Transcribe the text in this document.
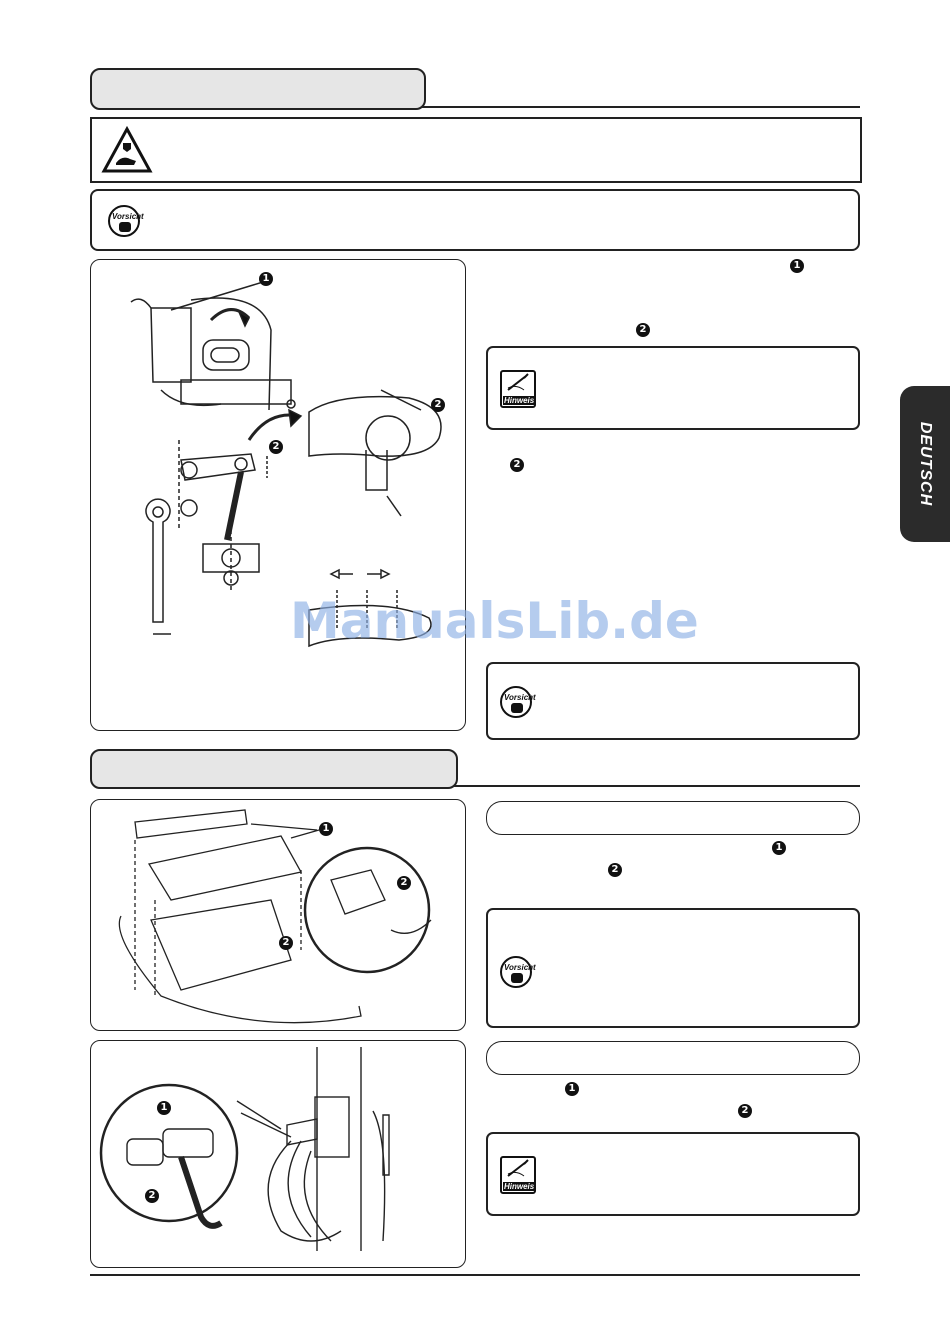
Vorsicht
1
2
2
1
2
Hinweis
2
Vorsicht
DEUTSCH
ManualsLib.de
1
2
2
1
2
Vorsicht
1
2
1
2
Hinweis
